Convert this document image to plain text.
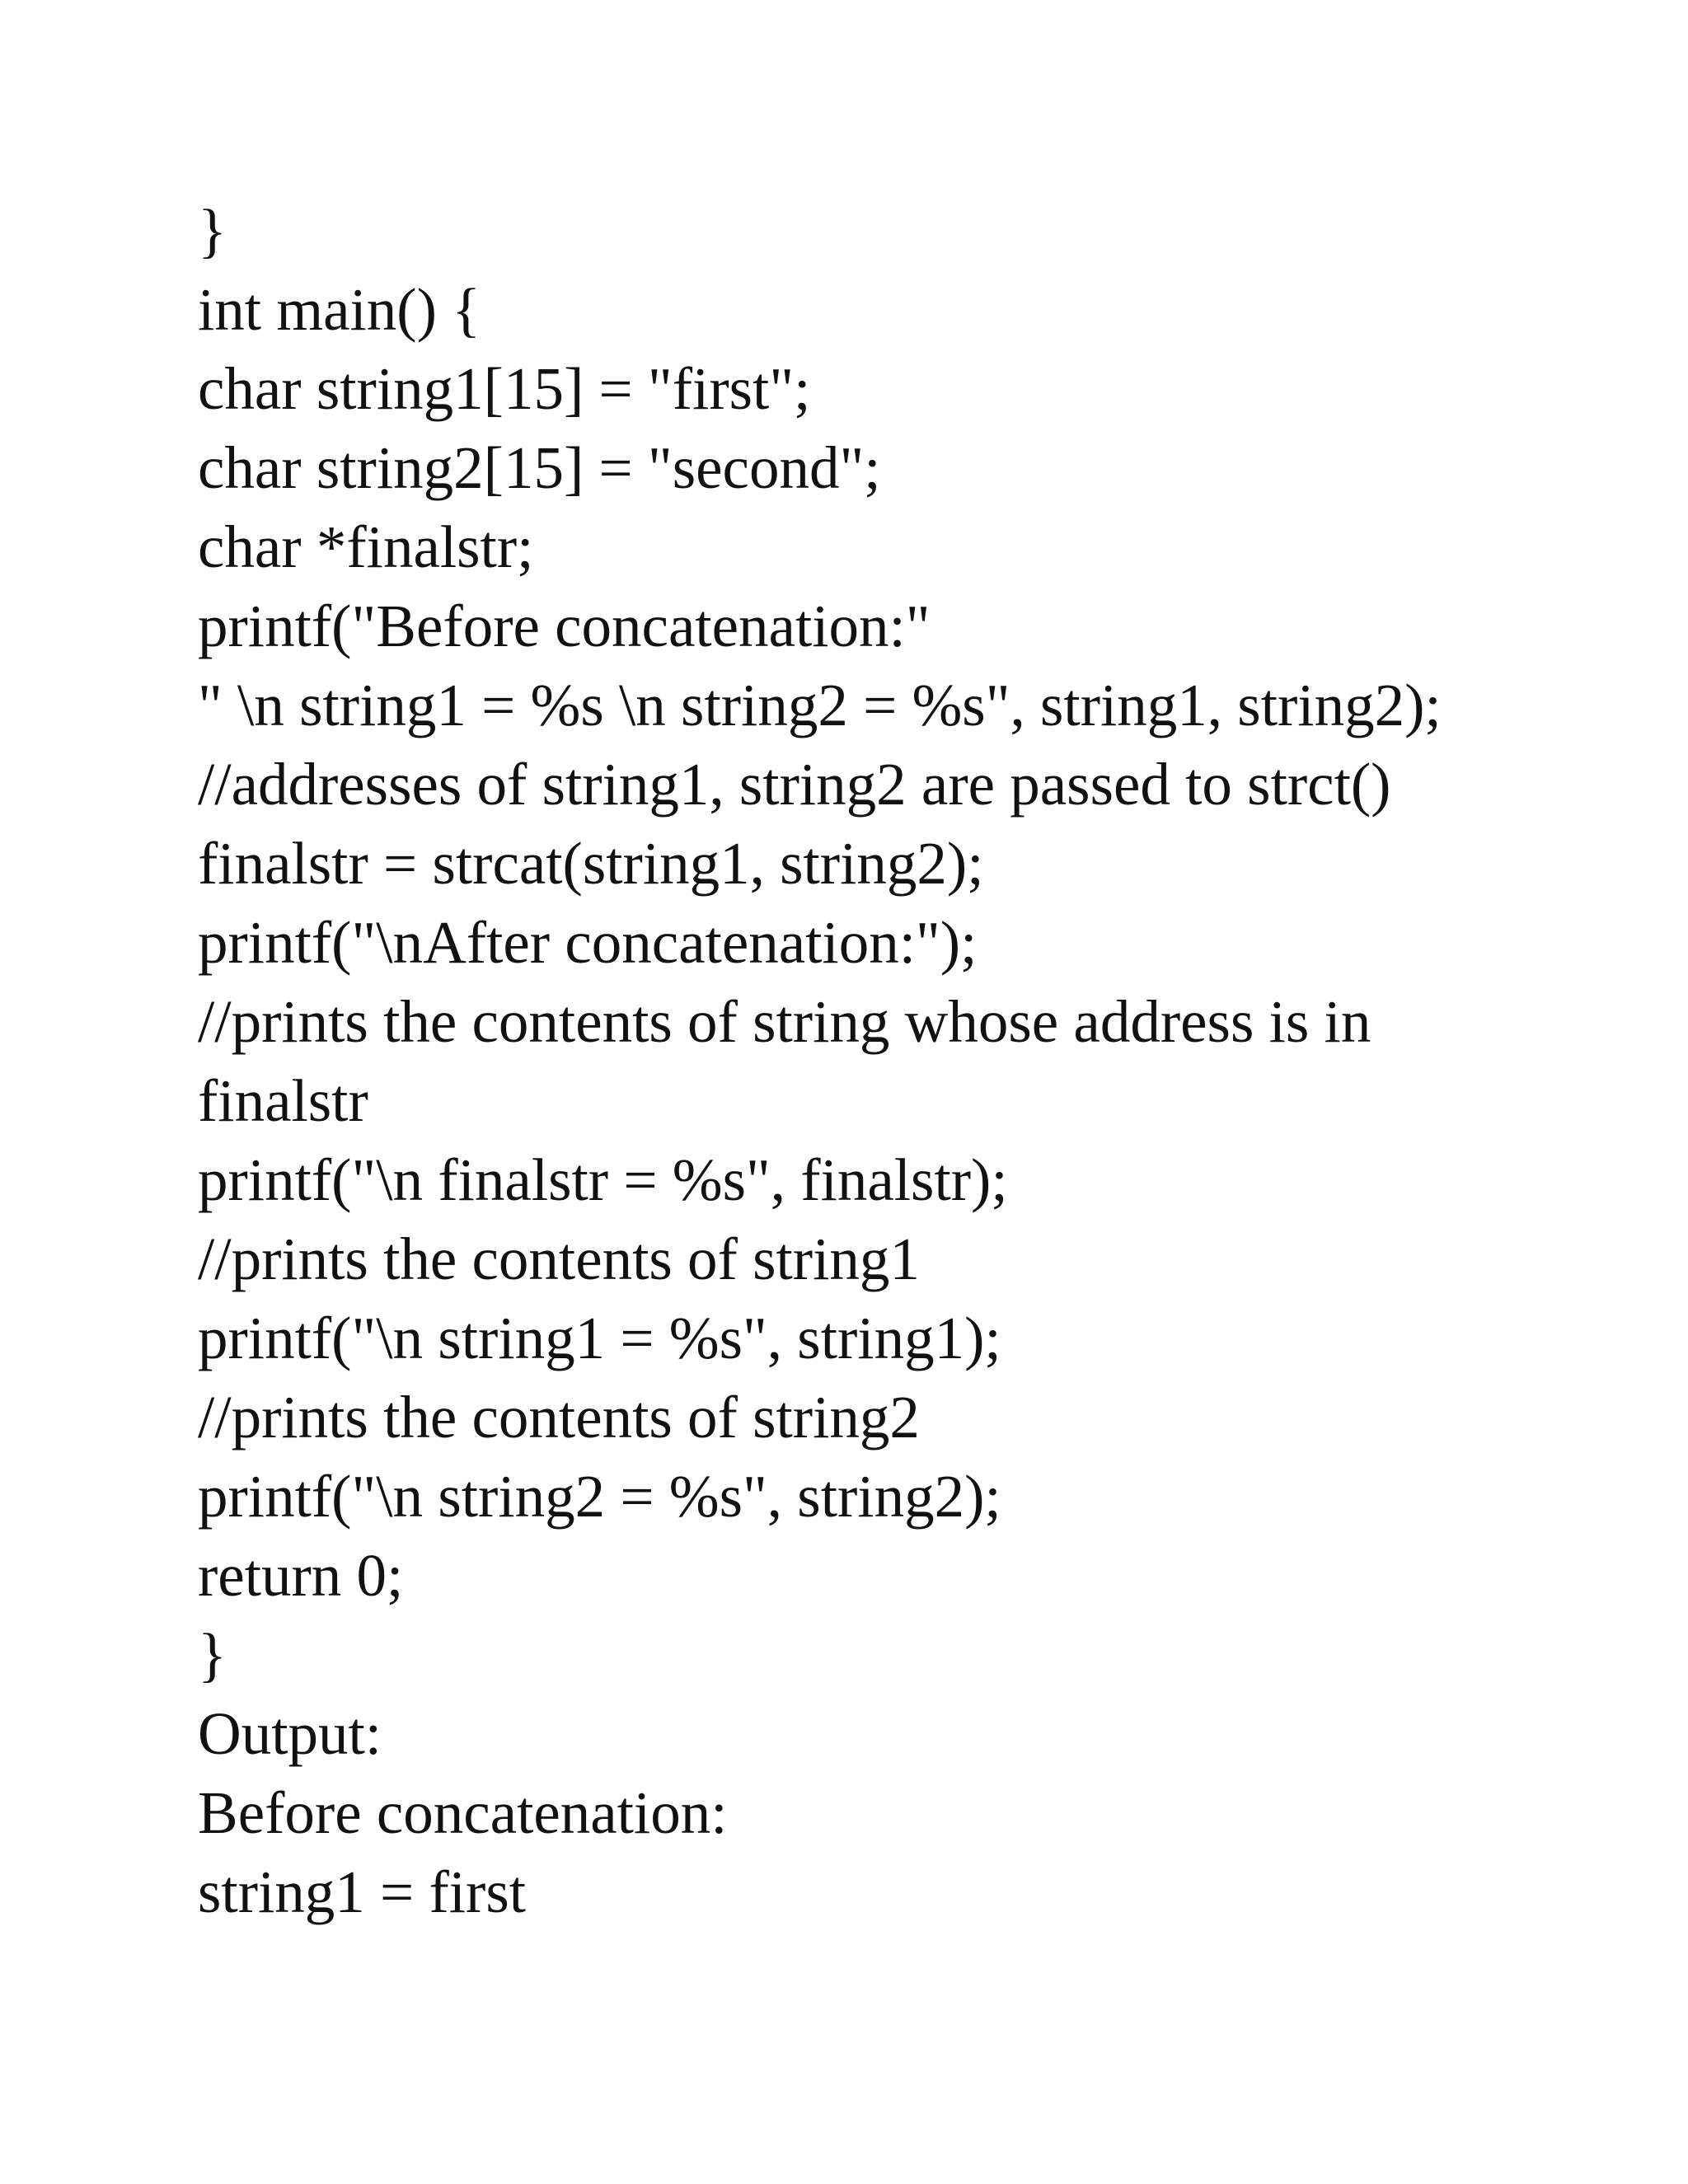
}
int main() {
char string1[15] = "first";
char string2[15] = "second";
char *finalstr;
printf("Before concatenation:"
" \n string1 = %s \n string2 = %s", string1, string2);
//addresses of string1, string2 are passed to strct()
finalstr = strcat(string1, string2);
printf("\nAfter concatenation:");
//prints the contents of string whose address is in
finalstr
printf("\n finalstr = %s", finalstr);
//prints the contents of string1
printf("\n string1 = %s", string1);
//prints the contents of string2
printf("\n string2 = %s", string2);
return 0;
}
Output:
Before concatenation:
string1 = first
